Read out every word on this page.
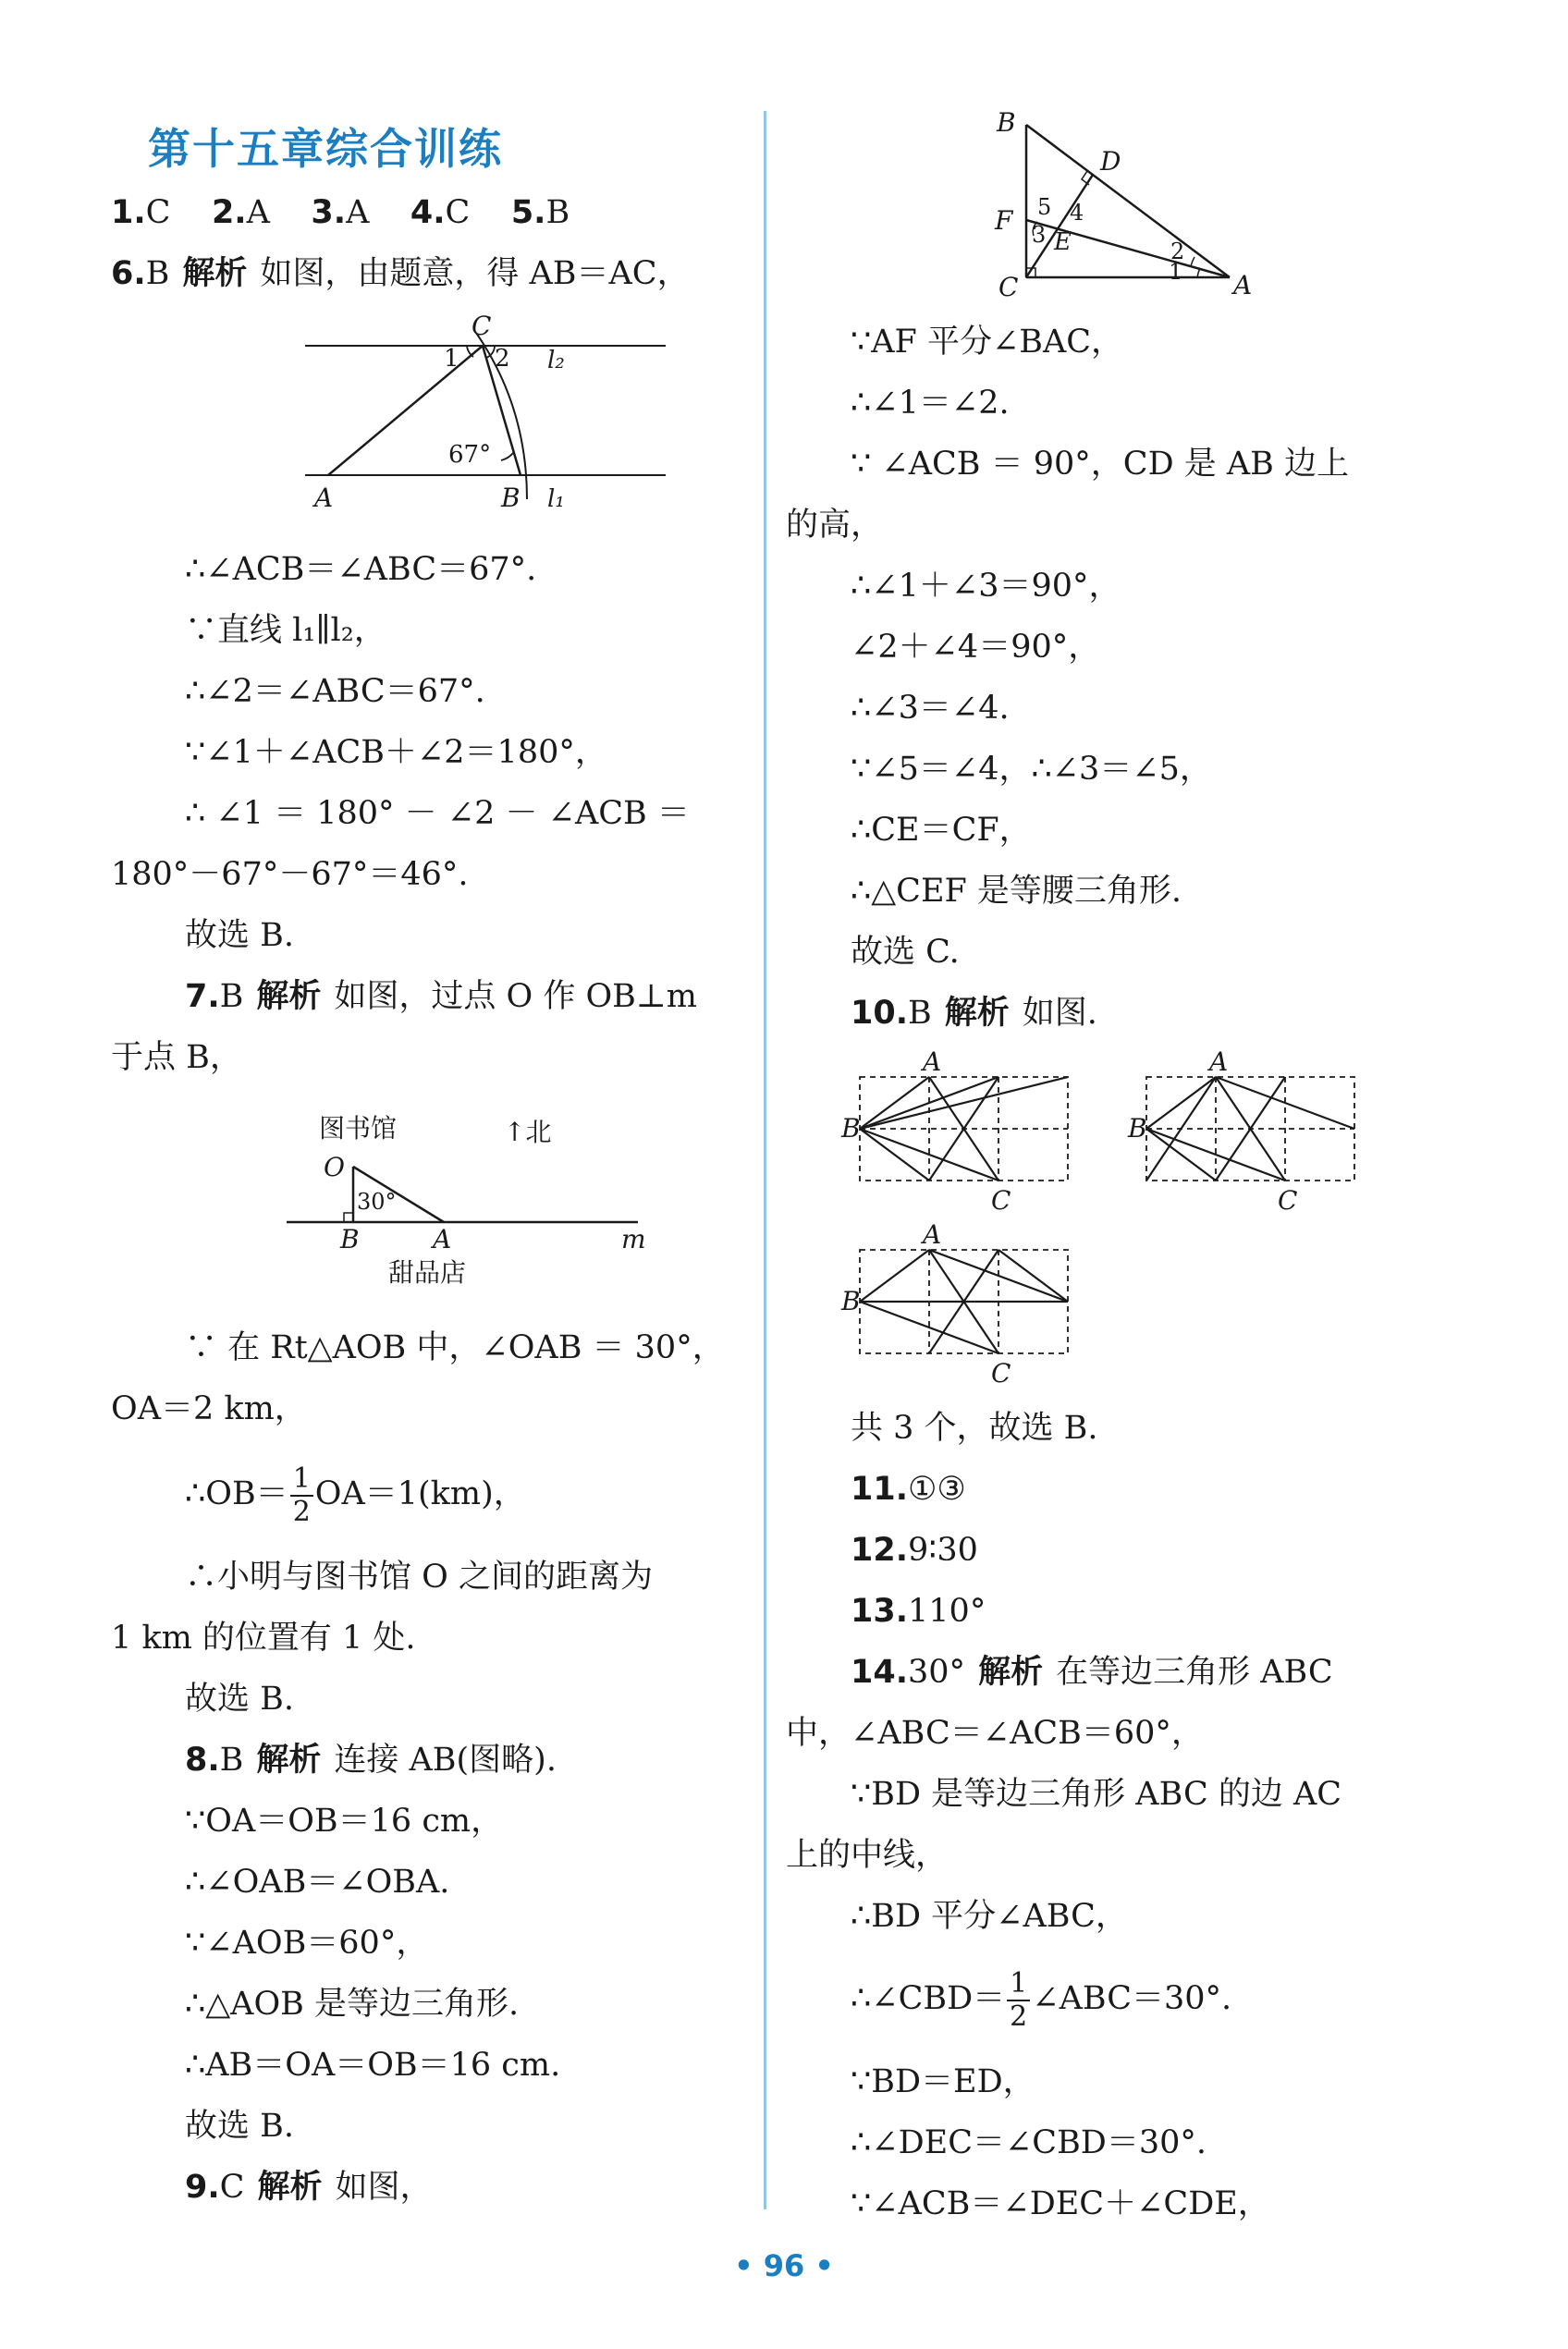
第十五章综合训练
1.C 2.A 3.A 4.C 5.B
6.B 解析 如图，由题意，得 AB＝AC，
C
1 2 l₂
67°
A	B l₁
∴∠ACB＝∠ABC＝67°.
∵直线 l₁∥l₂，
∴∠2＝∠ABC＝67°.
∵∠1＋∠ACB＋∠2＝180°，
∴ ∠1 ＝ 180° － ∠2 － ∠ACB ＝
180°－67°－67°＝46°.
故选 B.
7.B 解析 如图，过点 O 作 OB⊥m
于点 B，
图书馆	↑北
O
30°
B	A	m
甜品店
∵ 在 Rt△AOB 中，∠OAB ＝ 30°，
OA＝2 km，
∴OB＝ $\frac{1}{2} OA=1(km)$，
∴小明与图书馆 O 之间的距离为
1 km 的位置有 1 处.
故选 B.
8.B 解析 连接 AB(图略).
∵OA＝OB＝16 cm，
∴∠OAB＝∠OBA.
∵∠AOB＝60°，
∴△AOB 是等边三角形.
∴AB＝OA＝OB＝16 cm.
故选 B.
9.C 解析 如图，
B
D
F 5 4
3 E	2
1
C	A
∵AF 平分∠BAC，
∴∠1＝∠2.
∵ ∠ACB ＝ 90°，CD 是 AB 边上
的高，
∴∠1＋∠3＝90°，
∠2＋∠4＝90°，
∴∠3＝∠4.
∵∠5＝∠4，∴∠3＝∠5，
∴CE＝CF，
∴△CEF 是等腰三角形.
故选 C.
10.B 解析 如图.
A
B
C
A
B
C
A
B
C
共 3 个，故选 B.
11.①③
12.9∶30
13.110°
14.30° 解析 在等边三角形 ABC
中，∠ABC＝∠ACB＝60°，
∵BD 是等边三角形 ABC 的边 AC
上的中线，
∴BD 平分∠ABC，
∴∠CBD＝ $\frac{1}{2}$ ∠ABC＝30°.
∵BD＝ED，
∴∠DEC＝∠CBD＝30°.
∵∠ACB＝∠DEC＋∠CDE，
• 96 •
